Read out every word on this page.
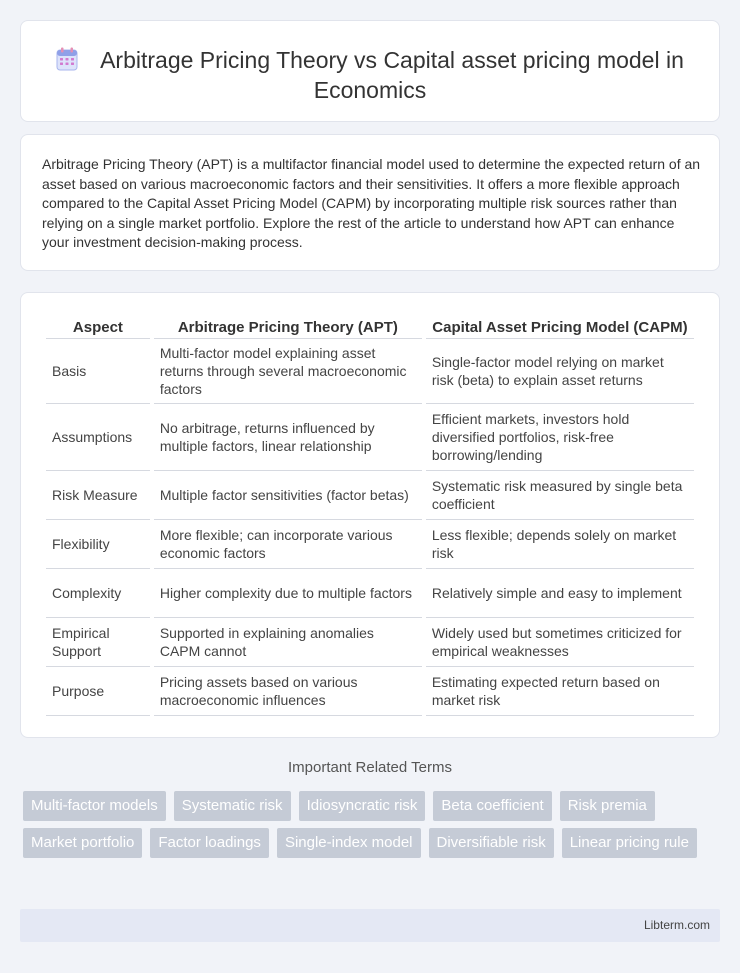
Arbitrage Pricing Theory vs Capital asset pricing model in Economics

Arbitrage Pricing Theory (APT) is a multifactor financial model used to determine the expected return of an asset based on various macroeconomic factors and their sensitivities. It offers a more flexible approach compared to the Capital Asset Pricing Model (CAPM) by incorporating multiple risk sources rather than relying on a single market portfolio. Explore the rest of the article to understand how APT can enhance your investment decision-making process.

Aspect	Arbitrage Pricing Theory (APT)	Capital Asset Pricing Model (CAPM)
Basis	Multi-factor model explaining asset returns through several macroeconomic factors	Single-factor model relying on market risk (beta) to explain asset returns
Assumptions	No arbitrage, returns influenced by multiple factors, linear relationship	Efficient markets, investors hold diversified portfolios, risk-free borrowing/lending
Risk Measure	Multiple factor sensitivities (factor betas)	Systematic risk measured by single beta coefficient
Flexibility	More flexible; can incorporate various economic factors	Less flexible; depends solely on market risk
Complexity	Higher complexity due to multiple factors	Relatively simple and easy to implement
Empirical Support	Supported in explaining anomalies CAPM cannot	Widely used but sometimes criticized for empirical weaknesses
Purpose	Pricing assets based on various macroeconomic influences	Estimating expected return based on market risk
Important Related Terms
Multi-factor models	Systematic risk	Idiosyncratic risk	Beta coefficient	Risk premia
Market portfolio	Factor loadings	Single-index model	Diversifiable risk	Linear pricing rule
Libterm.com
